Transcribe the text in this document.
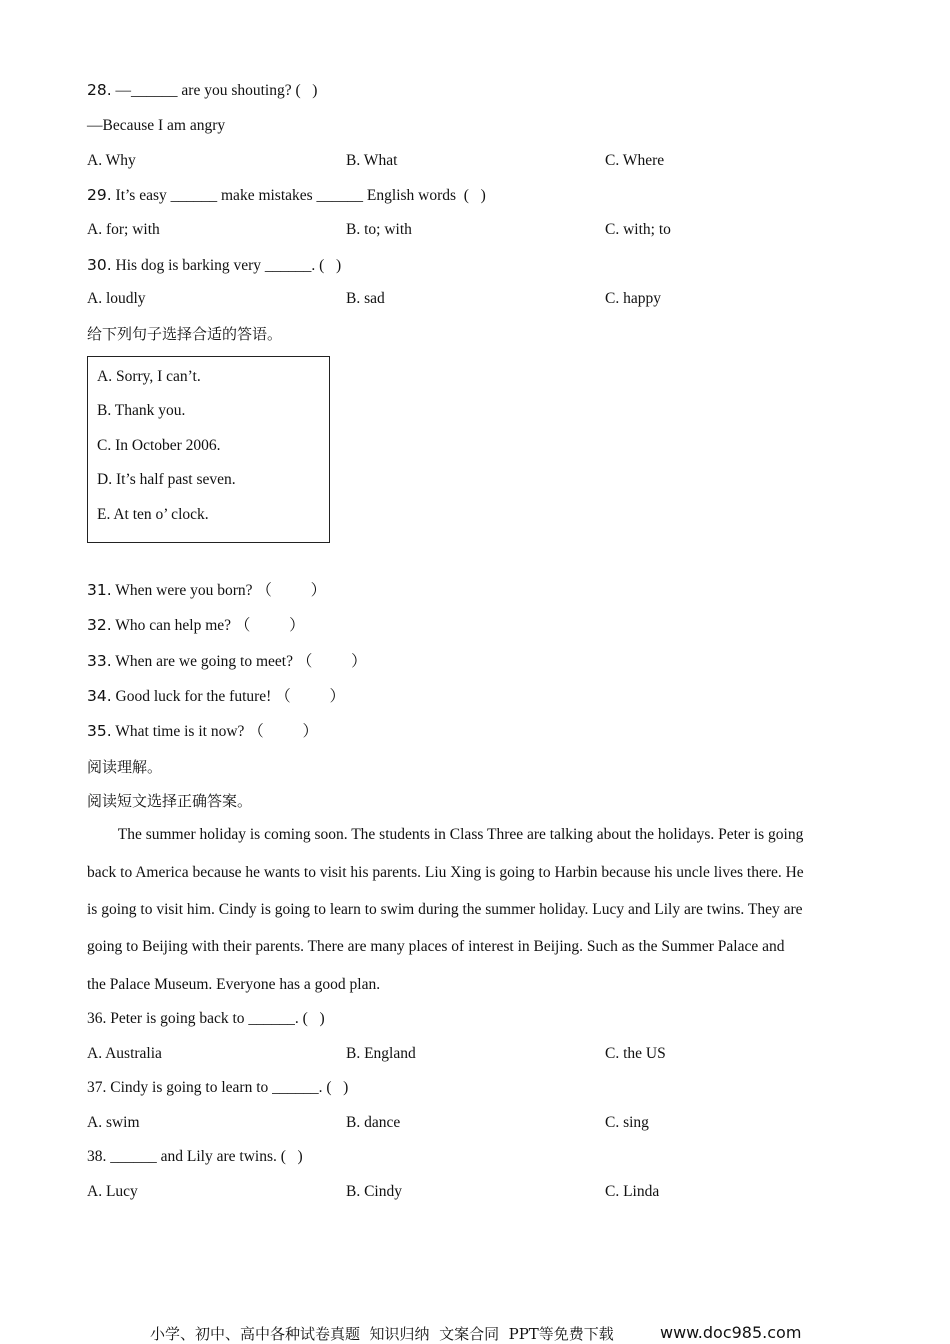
28. —______ are you shouting? (   )
—Because I am angry
A. Why	B. What	C. Where
29. It’s easy ______ make mistakes ______ English words  (   )
A. for; with	B. to; with	C. with; to
30. His dog is barking very ______. (   )
A. loudly	B. sad	C. happy
给下列句子选择合适的答语。
A. Sorry, I can’t.
B. Thank you.
C. In October 2006.
D. It’s half past seven.
E. At ten o’ clock.
31. When were you born? （          ）
32. Who can help me? （          ）
33. When are we going to meet? （          ）
34. Good luck for the future! （          ）
35. What time is it now? （          ）
阅读理解。
阅读短文选择正确答案。
The summer holiday is coming soon. The students in Class Three are talking about the holidays. Peter is going
back to America because he wants to visit his parents. Liu Xing is going to Harbin because his uncle lives there. He
is going to visit him. Cindy is going to learn to swim during the summer holiday. Lucy and Lily are twins. They are
going to Beijing with their parents. There are many places of interest in Beijing. Such as the Summer Palace and
the Palace Museum. Everyone has a good plan.
36. Peter is going back to ______. (   )
A. Australia	B. England	C. the US
37. Cindy is going to learn to ______. (   )
A. swim	B. dance	C. sing
38. ______ and Lily are twins. (   )
A. Lucy	B. Cindy	C. Linda
小学、初中、高中各种试卷真题  知识归纳  文案合同  PPT等免费下载	www.doc985.com
